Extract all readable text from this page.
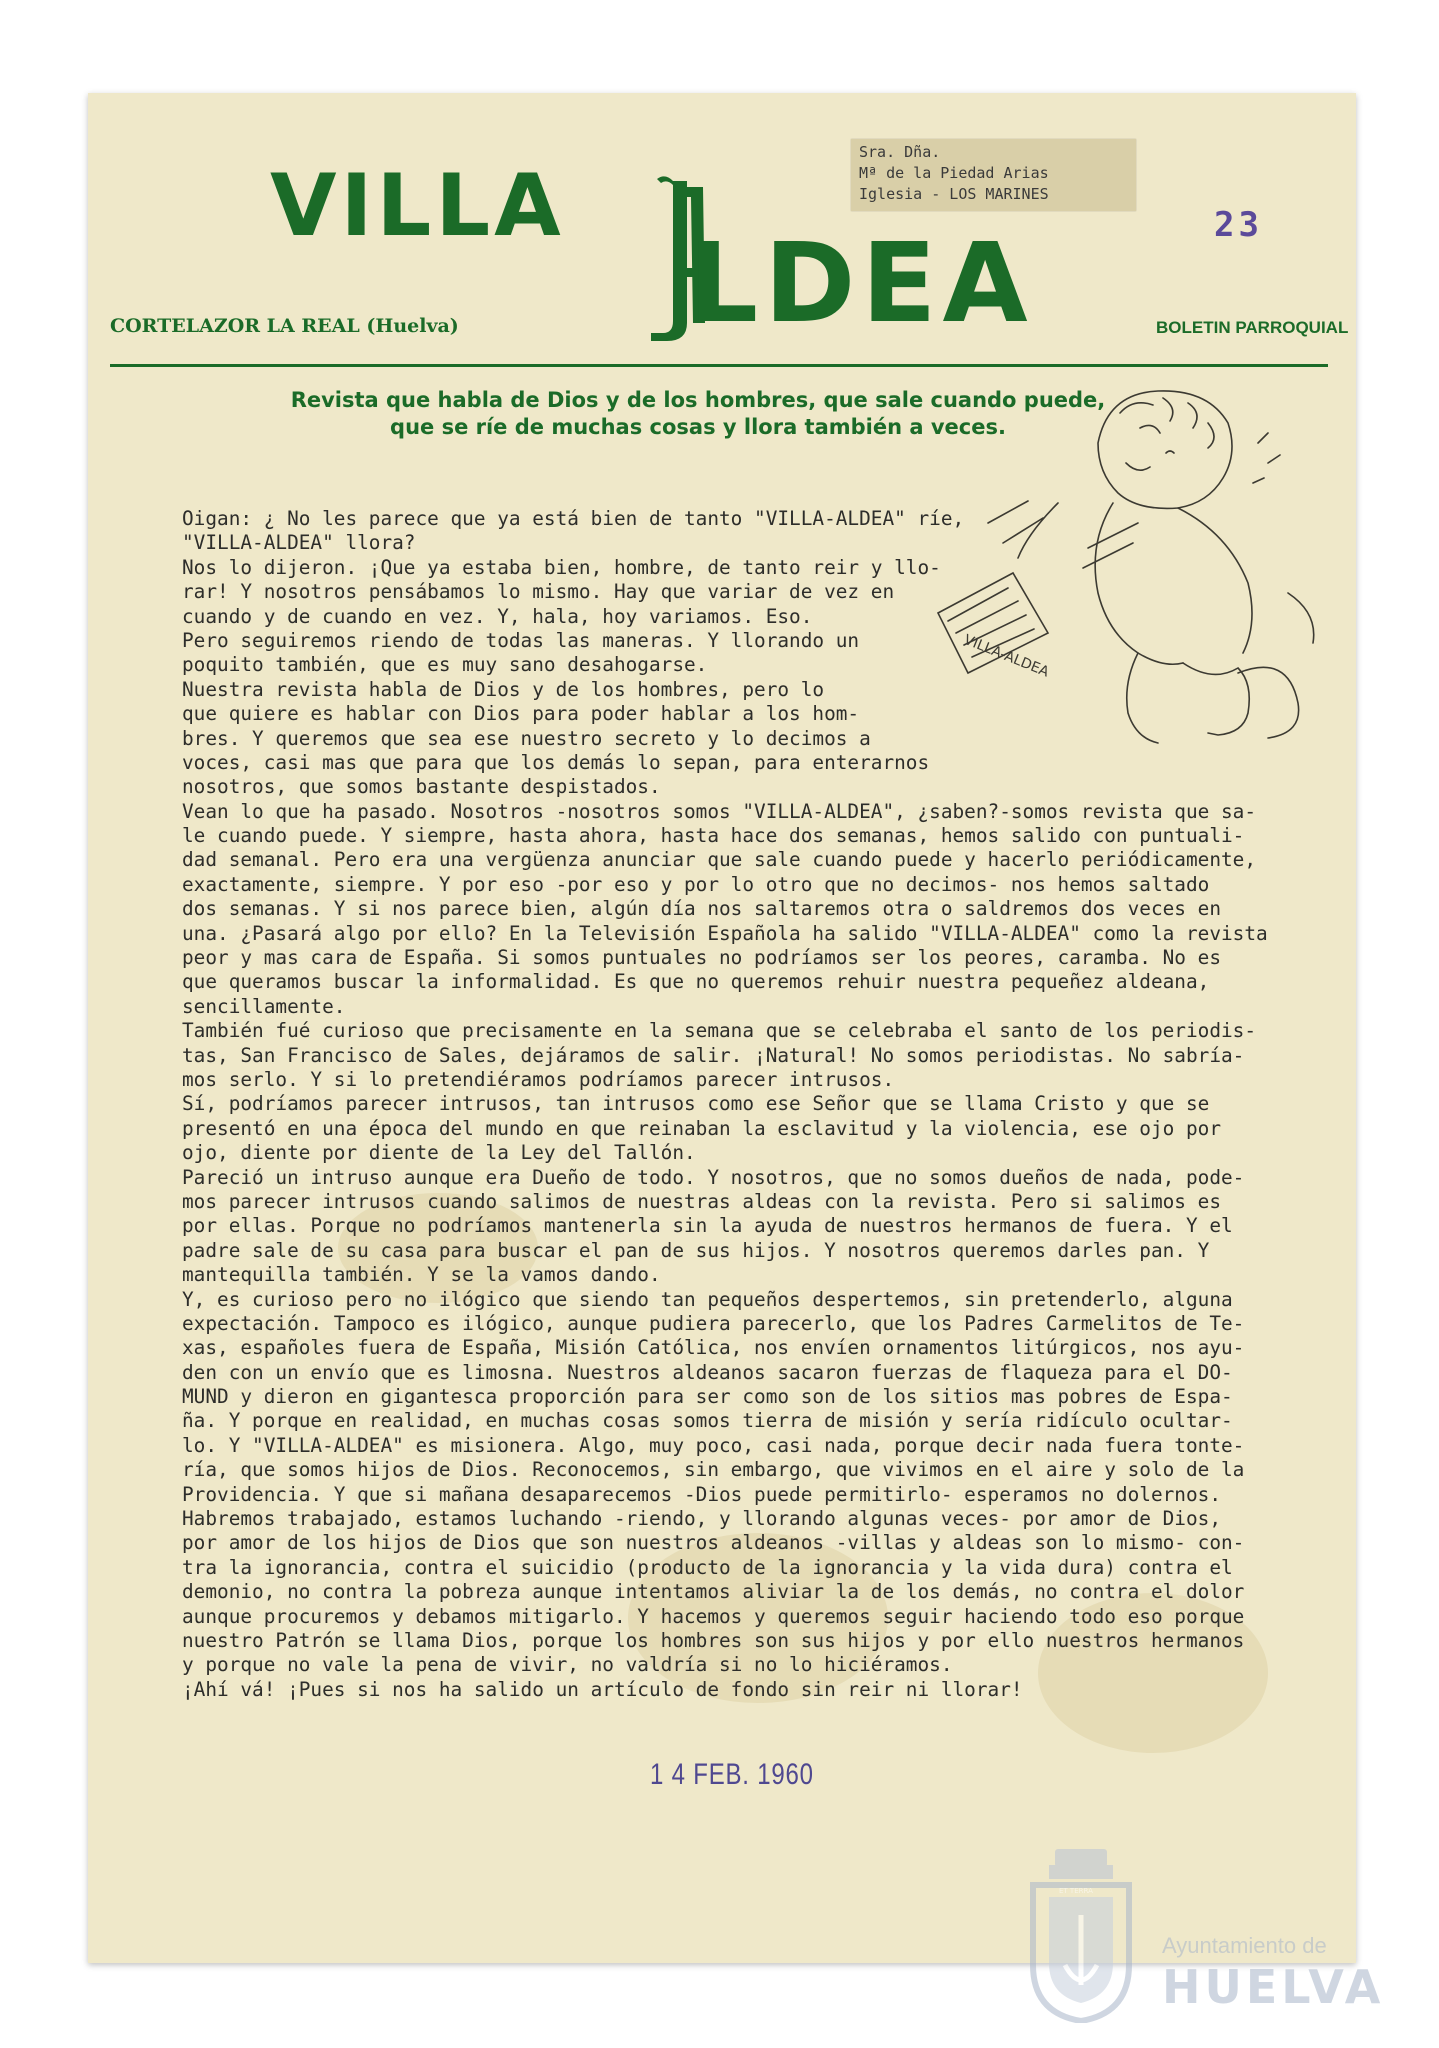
VILLA
LDEA
CORTELAZOR LA REAL (Huelva)	BOLETIN PARROQUIAL
Revista que habla de Dios y de los hombres, que sale cuando puede,
que se ríe de muchas cosas y llora también a veces.
Sra. Dña.
Mª de la Piedad Arias
Iglesia - LOS MARINES
23
VILLA-ALDEA
Oigan: ¿ No les parece que ya está bien de tanto "VILLA-ALDEA" ríe,
"VILLA-ALDEA" llora?
Nos lo dijeron. ¡Que ya estaba bien, hombre, de tanto reir y llo-
rar! Y nosotros pensábamos lo mismo. Hay que variar de vez en
cuando y de cuando en vez. Y, hala, hoy variamos. Eso.
Pero seguiremos riendo de todas las maneras. Y llorando un
poquito también, que es muy sano desahogarse.
Nuestra revista habla de Dios y de los hombres, pero lo
que quiere es hablar con Dios para poder hablar a los hom-
bres. Y queremos que sea ese nuestro secreto y lo decimos a
voces, casi mas que para que los demás lo sepan, para enterarnos
nosotros, que somos bastante despistados.
Vean lo que ha pasado. Nosotros -nosotros somos "VILLA-ALDEA", ¿saben?-somos revista que sa-
le cuando puede. Y siempre, hasta ahora, hasta hace dos semanas, hemos salido con puntuali-
dad semanal. Pero era una vergüenza anunciar que sale cuando puede y hacerlo periódicamente,
exactamente, siempre. Y por eso -por eso y por lo otro que no decimos- nos hemos saltado
dos semanas. Y si nos parece bien, algún día nos saltaremos otra o saldremos dos veces en
una. ¿Pasará algo por ello? En la Televisión Española ha salido "VILLA-ALDEA" como la revista
peor y mas cara de España. Si somos puntuales no podríamos ser los peores, caramba. No es
que queramos buscar la informalidad. Es que no queremos rehuir nuestra pequeñez aldeana,
sencillamente.
También fué curioso que precisamente en la semana que se celebraba el santo de los periodis-
tas, San Francisco de Sales, dejáramos de salir. ¡Natural! No somos periodistas. No sabría-
mos serlo. Y si lo pretendiéramos podríamos parecer intrusos.
Sí, podríamos parecer intrusos, tan intrusos como ese Señor que se llama Cristo y que se
presentó en una época del mundo en que reinaban la esclavitud y la violencia, ese ojo por
ojo, diente por diente de la Ley del Tallón.
Pareció un intruso aunque era Dueño de todo. Y nosotros, que no somos dueños de nada, pode-
mos parecer intrusos cuando salimos de nuestras aldeas con la revista. Pero si salimos es
por ellas. Porque no podríamos mantenerla sin la ayuda de nuestros hermanos de fuera. Y el
padre sale de su casa para buscar el pan de sus hijos. Y nosotros queremos darles pan. Y
mantequilla también. Y se la vamos dando.
Y, es curioso pero no ilógico que siendo tan pequeños despertemos, sin pretenderlo, alguna
expectación. Tampoco es ilógico, aunque pudiera parecerlo, que los Padres Carmelitos de Te-
xas, españoles fuera de España, Misión Católica, nos envíen ornamentos litúrgicos, nos ayu-
den con un envío que es limosna. Nuestros aldeanos sacaron fuerzas de flaqueza para el DO-
MUND y dieron en gigantesca proporción para ser como son de los sitios mas pobres de Espa-
ña. Y porque en realidad, en muchas cosas somos tierra de misión y sería ridículo ocultar-
lo. Y "VILLA-ALDEA" es misionera. Algo, muy poco, casi nada, porque decir nada fuera tonte-
ría, que somos hijos de Dios. Reconocemos, sin embargo, que vivimos en el aire y solo de la
Providencia. Y que si mañana desaparecemos -Dios puede permitirlo- esperamos no dolernos.
Habremos trabajado, estamos luchando -riendo, y llorando algunas veces- por amor de Dios,
por amor de los hijos de Dios que son nuestros aldeanos -villas y aldeas son lo mismo- con-
tra la ignorancia, contra el suicidio (producto de la ignorancia y la vida dura) contra el
demonio, no contra la pobreza aunque intentamos aliviar la de los demás, no contra el dolor
aunque procuremos y debamos mitigarlo. Y hacemos y queremos seguir haciendo todo eso porque
nuestro Patrón se llama Dios, porque los hombres son sus hijos y por ello nuestros hermanos
y porque no vale la pena de vivir, no valdría si no lo hiciéramos.
¡Ahí vá! ¡Pues si nos ha salido un artículo de fondo sin reir ni llorar!
1 4 FEB. 1960
ET TERRA
Ayuntamiento de
HUELVA
